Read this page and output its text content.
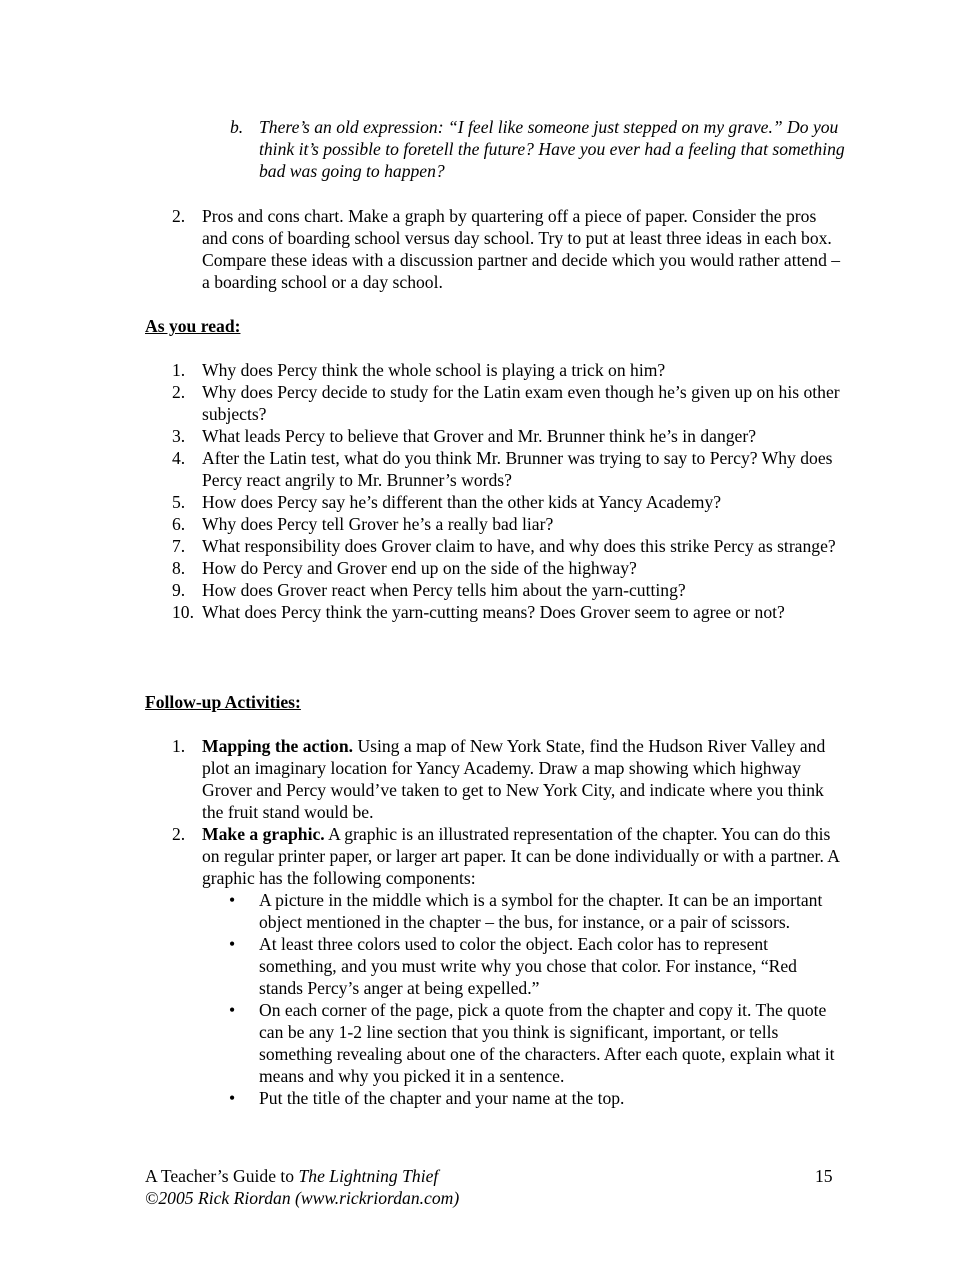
b. There’s an old expression: “I feel like someone just stepped on my grave.” Do you think it’s possible to foretell the future? Have you ever had a feeling that something bad was going to happen?
2. Pros and cons chart. Make a graph by quartering off a piece of paper. Consider the pros and cons of boarding school versus day school. Try to put at least three ideas in each box. Compare these ideas with a discussion partner and decide which you would rather attend – a boarding school or a day school.
As you read:
1. Why does Percy think the whole school is playing a trick on him?
2. Why does Percy decide to study for the Latin exam even though he’s given up on his other subjects?
3. What leads Percy to believe that Grover and Mr. Brunner think he’s in danger?
4. After the Latin test, what do you think Mr. Brunner was trying to say to Percy? Why does Percy react angrily to Mr. Brunner’s words?
5. How does Percy say he’s different than the other kids at Yancy Academy?
6. Why does Percy tell Grover he’s a really bad liar?
7. What responsibility does Grover claim to have, and why does this strike Percy as strange?
8. How do Percy and Grover end up on the side of the highway?
9. How does Grover react when Percy tells him about the yarn-cutting?
10. What does Percy think the yarn-cutting means? Does Grover seem to agree or not?
Follow-up Activities:
1. Mapping the action. Using a map of New York State, find the Hudson River Valley and plot an imaginary location for Yancy Academy. Draw a map showing which highway Grover and Percy would’ve taken to get to New York City, and indicate where you think the fruit stand would be.
2. Make a graphic. A graphic is an illustrated representation of the chapter. You can do this on regular printer paper, or larger art paper. It can be done individually or with a partner. A graphic has the following components:
• A picture in the middle which is a symbol for the chapter. It can be an important object mentioned in the chapter – the bus, for instance, or a pair of scissors.
• At least three colors used to color the object. Each color has to represent something, and you must write why you chose that color. For instance, “Red stands Percy’s anger at being expelled.”
• On each corner of the page, pick a quote from the chapter and copy it. The quote can be any 1-2 line section that you think is significant, important, or tells something revealing about one of the characters. After each quote, explain what it means and why you picked it in a sentence.
• Put the title of the chapter and your name at the top.
A Teacher’s Guide to The Lightning Thief
©2005 Rick Riordan (www.rickriordan.com)
15
